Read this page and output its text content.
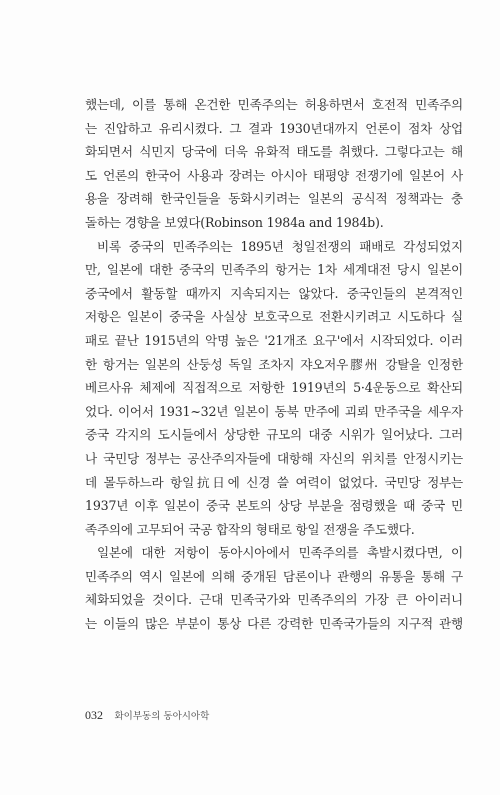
했는데, 이를 통해 온건한 민족주의는 허용하면서 호전적 민족주의
는 진압하고 유리시켰다. 그 결과 1930년대까지 언론이 점차 상업
화되면서 식민지 당국에 더욱 유화적 태도를 취했다. 그렇다고는 해
도 언론의 한국어 사용과 장려는 아시아 태평양 전쟁기에 일본어 사
용을 장려해 한국인들을 동화시키려는 일본의 공식적 정책과는 충
돌하는 경향을 보였다(Robinson 1984a and 1984b).
비록 중국의 민족주의는 1895년 청일전쟁의 패배로 각성되었지
만, 일본에 대한 중국의 민족주의 항거는 1차 세계대전 당시 일본이
중국에서 활동할 때까지 지속되지는 않았다. 중국인들의 본격적인
저항은 일본이 중국을 사실상 보호국으로 전환시키려고 시도하다 실
패로 끝난 1915년의 악명 높은 '21개조 요구'에서 시작되었다. 이러
한 항거는 일본의 산둥성 독일 조차지 쟈오저우膠州 강탈을 인정한
베르사유 체제에 직접적으로 저항한 1919년의 5·4운동으로 확산되
었다. 이어서 1931~32년 일본이 동북 만주에 괴뢰 만주국을 세우자
중국 각지의 도시들에서 상당한 규모의 대중 시위가 일어났다. 그러
나 국민당 정부는 공산주의자들에 대항해 자신의 위치를 안정시키는
데 몰두하느라 항일抗日에 신경 쓸 여력이 없었다. 국민당 정부는
1937년 이후 일본이 중국 본토의 상당 부분을 점령했을 때 중국 민
족주의에 고무되어 국공 합작의 형태로 항일 전쟁을 주도했다.
일본에 대한 저항이 동아시아에서 민족주의를 촉발시켰다면, 이
민족주의 역시 일본에 의해 중개된 담론이나 관행의 유통을 통해 구
체화되었을 것이다. 근대 민족국가와 민족주의의 가장 큰 아이러니
는 이들의 많은 부분이 통상 다른 강력한 민족국가들의 지구적 관행
032 화이부동의 동아시아학
